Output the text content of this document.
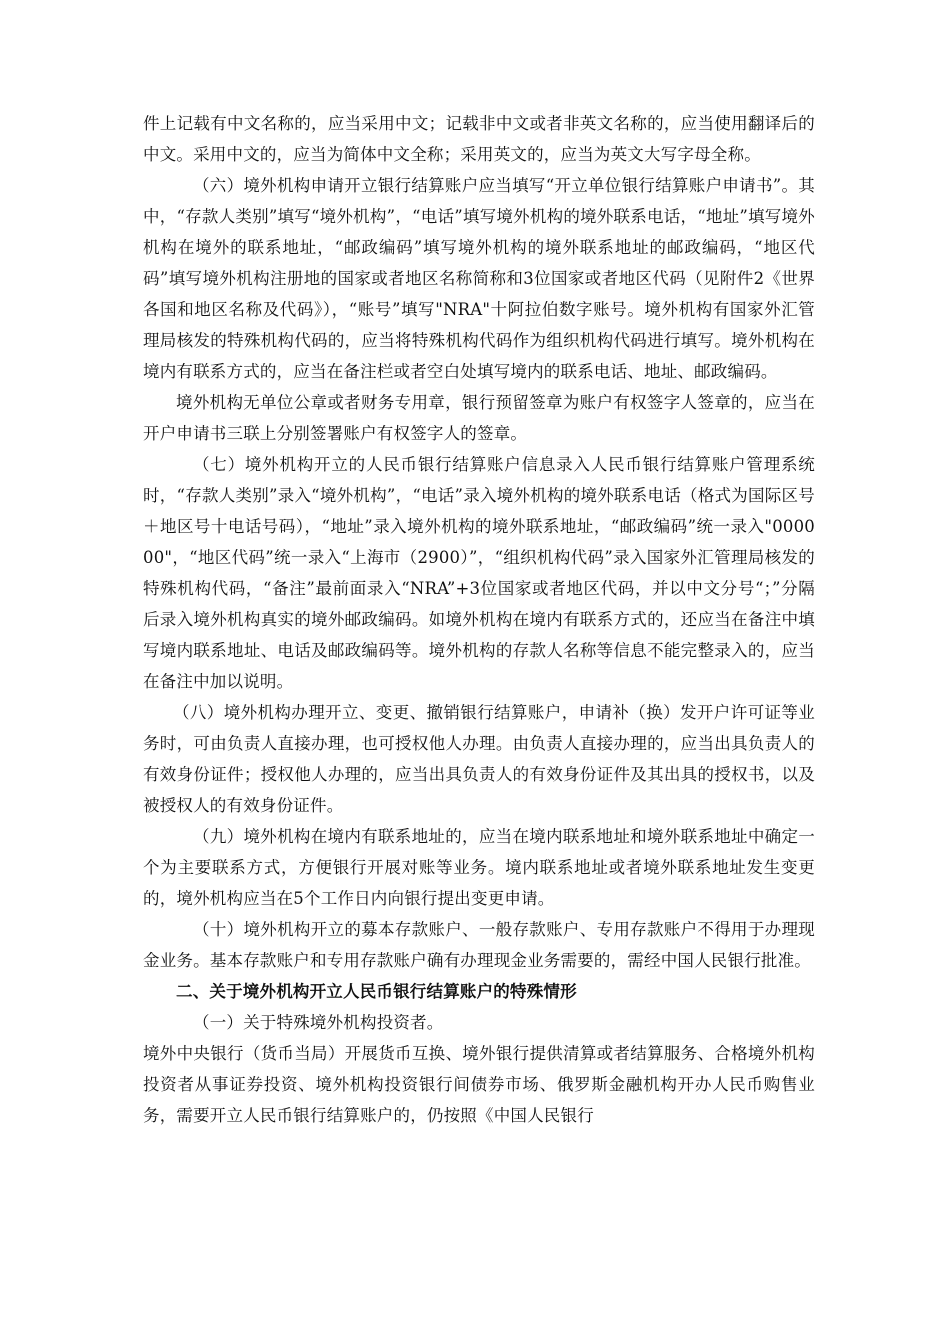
件上记载有中文名称的，应当采用中文；记载非中文或者非英文名称的，应当使用翻译后的中文。采用中文的，应当为简体中文全称；采用英文的，应当为英文大写字母全称。

（六）境外机构申请开立银行结算账户应当填写“开立单位银行结算账户申请书”。其中，“存款人类别”填写“境外机构”，“电话”填写境外机构的境外联系电话，“地址”填写境外机构在境外的联系地址，“邮政编码”填写境外机构的境外联系地址的邮政编码，“地区代码”填写境外机构注册地的国家或者地区名称简称和3位国家或者地区代码（见附件2《世界各国和地区名称及代码》），“账号”填写"NRA"十阿拉伯数字账号。境外机构有国家外汇管理局核发的特殊机构代码的，应当将特殊机构代码作为组织机构代码进行填写。境外机构在境内有联系方式的，应当在备注栏或者空白处填写境内的联系电话、地址、邮政编码。

境外机构无单位公章或者财务专用章，银行预留签章为账户有权签字人签章的，应当在开户申请书三联上分别签署账户有权签字人的签章。

（七）境外机构开立的人民币银行结算账户信息录入人民币银行结算账户管理系统时，“存款人类别”录入“境外机构”，“电话”录入境外机构的境外联系电话（格式为国际区号＋地区号十电话号码），“地址”录入境外机构的境外联系地址，“邮政编码”统一录入"000000"，“地区代码”统一录入“上海市（2900）”，“组织机构代码”录入国家外汇管理局核发的特殊机构代码，“备注”最前面录入“NRA”+3位国家或者地区代码，并以中文分号“；”分隔后录入境外机构真实的境外邮政编码。如境外机构在境内有联系方式的，还应当在备注中填写境内联系地址、电话及邮政编码等。境外机构的存款人名称等信息不能完整录入的，应当在备注中加以说明。

（八）境外机构办理开立、变更、撤销银行结算账户，申请补（换）发开户许可证等业务时，可由负责人直接办理，也可授权他人办理。由负责人直接办理的，应当出具负责人的有效身份证件；授权他人办理的，应当出具负责人的有效身份证件及其出具的授权书，以及被授权人的有效身份证件。

（九）境外机构在境内有联系地址的，应当在境内联系地址和境外联系地址中确定一个为主要联系方式，方便银行开展对账等业务。境内联系地址或者境外联系地址发生变更的，境外机构应当在5个工作日内向银行提出变更申请。

（十）境外机构开立的募本存款账户、一般存款账户、专用存款账户不得用于办理现金业务。基本存款账户和专用存款账户确有办理现金业务需要的，需经中国人民银行批准。

二、关于境外机构开立人民币银行结算账户的特殊情形

（一）关于特殊境外机构投资者。

境外中央银行（货币当局）开展货币互换、境外银行提供清算或者结算服务、合格境外机构投资者从事证券投资、境外机构投资银行间债券市场、俄罗斯金融机构开办人民币购售业务，需要开立人民币银行结算账户的，仍按照《中国人民银行
